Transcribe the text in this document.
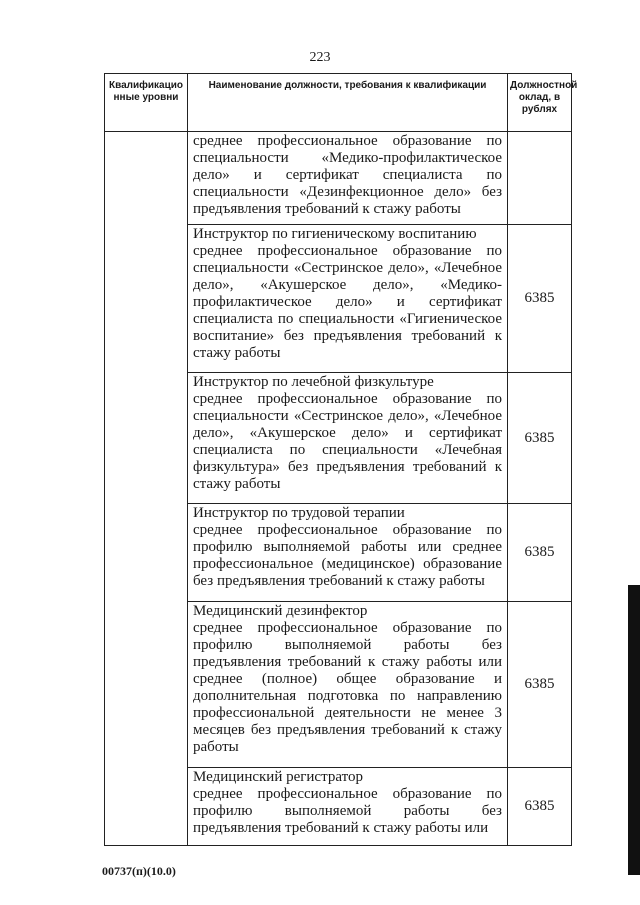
223
Квалификацио нные уровни	Наименование должности, требования к квалификации	Должностной оклад, в рублях

	среднее профессиональное образование по специальности «Медико-профилактическое дело» и сертификат специалиста по специальности «Дезинфекционное дело» без предъявления требований к стажу работы	

	Инструктор по гигиеническому воспитанию
среднее профессиональное образование по специальности «Сестринское дело», «Лечебное дело», «Акушерское дело», «Медико-профилактическое дело» и сертификат специалиста по специальности «Гигиеническое воспитание» без предъявления требований к стажу работы	6385

	Инструктор по лечебной физкультуре
среднее профессиональное образование по специальности «Сестринское дело», «Лечебное дело», «Акушерское дело» и сертификат специалиста по специальности «Лечебная физкультура» без предъявления требований к стажу работы	6385

	Инструктор по трудовой терапии
среднее профессиональное образование по профилю выполняемой работы или среднее профессиональное (медицинское) образование без предъявления требований к стажу работы	6385

	Медицинский дезинфектор
среднее профессиональное образование по профилю выполняемой работы без предъявления требований к стажу работы или среднее (полное) общее образование и дополнительная подготовка по направлению профессиональной деятельности не менее 3 месяцев без предъявления требований к стажу работы	6385

	Медицинский регистратор
среднее профессиональное образование по профилю выполняемой работы без предъявления требований к стажу работы или	6385
00737(п)(10.0)
